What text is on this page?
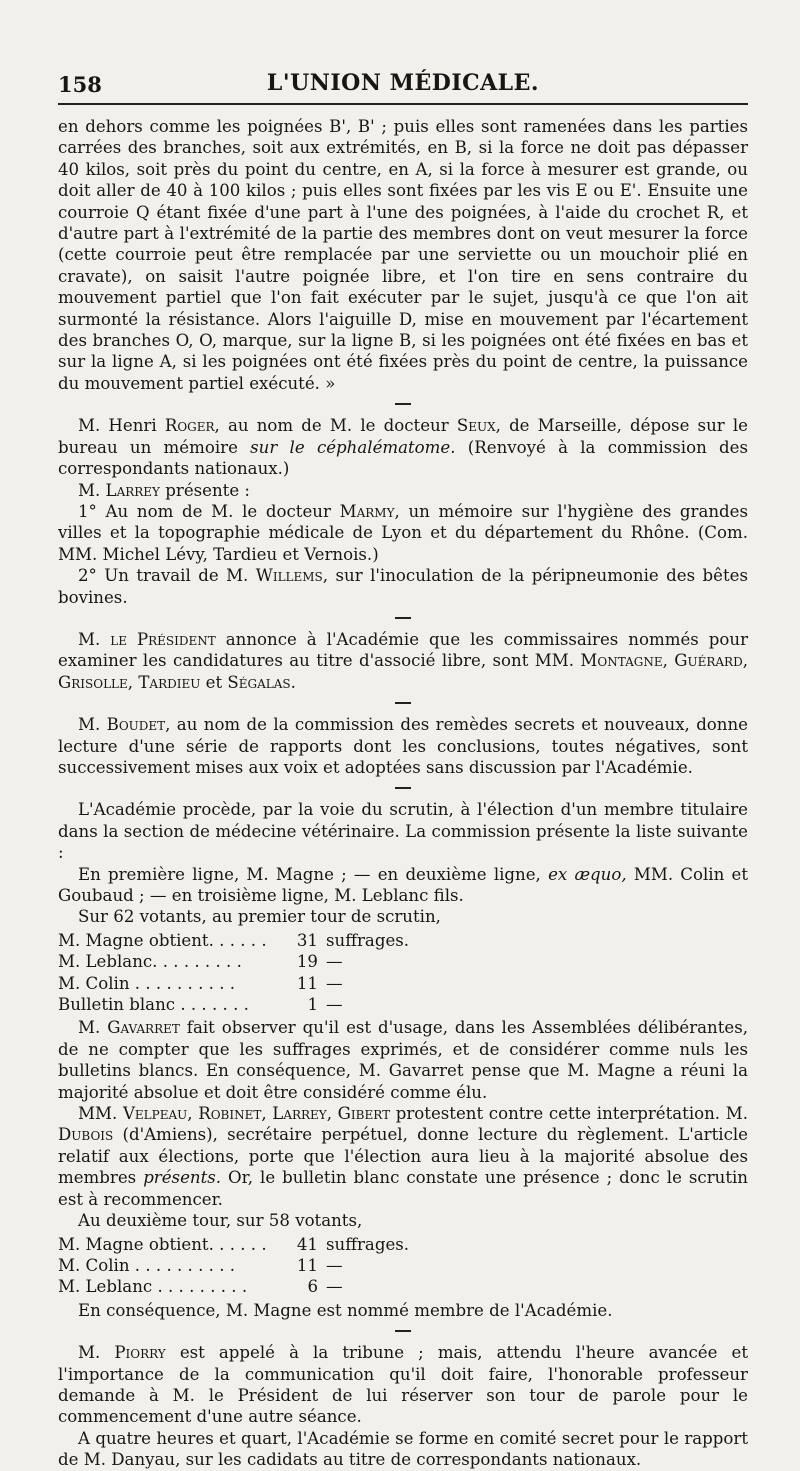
158	L'UNION MÉDICALE.

en dehors comme les poignées B', B' ; puis elles sont ramenées dans les parties carrées des branches, soit aux extrémités, en B, si la force ne doit pas dépasser 40 kilos, soit près du point du centre, en A, si la force à mesurer est grande, ou doit aller de 40 à 100 kilos ; puis elles sont fixées par les vis E ou E'. Ensuite une courroie Q étant fixée d'une part à l'une des poignées, à l'aide du crochet R, et d'autre part à l'extrémité de la partie des membres dont on veut mesurer la force (cette courroie peut être remplacée par une serviette ou un mouchoir plié en cravate), on saisit l'autre poignée libre, et l'on tire en sens contraire du mouvement partiel que l'on fait exécuter par le sujet, jusqu'à ce que l'on ait surmonté la résistance. Alors l'aiguille D, mise en mouvement par l'écartement des branches O, O, marque, sur la ligne B, si les poignées ont été fixées en bas et sur la ligne A, si les poignées ont été fixées près du point de centre, la puissance du mouvement partiel exécuté. »

M. Henri Roger, au nom de M. le docteur Seux, de Marseille, dépose sur le bureau un mémoire sur le céphalématome. (Renvoyé à la commission des correspondants nationaux.)

M. Larrey présente :

1° Au nom de M. le docteur Marmy, un mémoire sur l'hygiène des grandes villes et la topographie médicale de Lyon et du département du Rhône. (Com. MM. Michel Lévy, Tardieu et Vernois.)

2° Un travail de M. Willems, sur l'inoculation de la péripneumonie des bêtes bovines.

M. le Président annonce à l'Académie que les commissaires nommés pour examiner les candidatures au titre d'associé libre, sont MM. Montagne, Guérard, Grisolle, Tardieu et Ségalas.

M. Boudet, au nom de la commission des remèdes secrets et nouveaux, donne lecture d'une série de rapports dont les conclusions, toutes négatives, sont successivement mises aux voix et adoptées sans discussion par l'Académie.

L'Académie procède, par la voie du scrutin, à l'élection d'un membre titulaire dans la section de médecine vétérinaire. La commission présente la liste suivante :

En première ligne, M. Magne ; — en deuxième ligne, ex æquo, MM. Colin et Goubaud ; — en troisième ligne, M. Leblanc fils.

Sur 62 votants, au premier tour de scrutin,

M. Magne obtient. . . . . .	31	suffrages.
M. Leblanc. . . . . . . . .	19	—
M. Colin . . . . . . . . . .	11	—
Bulletin blanc . . . . . . .	1	—

M. Gavarret fait observer qu'il est d'usage, dans les Assemblées délibérantes, de ne compter que les suffrages exprimés, et de considérer comme nuls les bulletins blancs. En conséquence, M. Gavarret pense que M. Magne a réuni la majorité absolue et doit être considéré comme élu.

MM. Velpeau, Robinet, Larrey, Gibert protestent contre cette interprétation. M. Dubois (d'Amiens), secrétaire perpétuel, donne lecture du règlement. L'article relatif aux élections, porte que l'élection aura lieu à la majorité absolue des membres présents. Or, le bulletin blanc constate une présence ; donc le scrutin est à recommencer.

Au deuxième tour, sur 58 votants,

M. Magne obtient. . . . . .	41	suffrages.
M. Colin . . . . . . . . . .	11	—
M. Leblanc . . . . . . . . .	6	—

En conséquence, M. Magne est nommé membre de l'Académie.

M. Piorry est appelé à la tribune ; mais, attendu l'heure avancée et l'importance de la communication qu'il doit faire, l'honorable professeur demande à M. le Président de lui réserver son tour de parole pour le commencement d'une autre séance.

A quatre heures et quart, l'Académie se forme en comité secret pour le rapport de M. Danyau, sur les cadidats au titre de correspondants nationaux.
